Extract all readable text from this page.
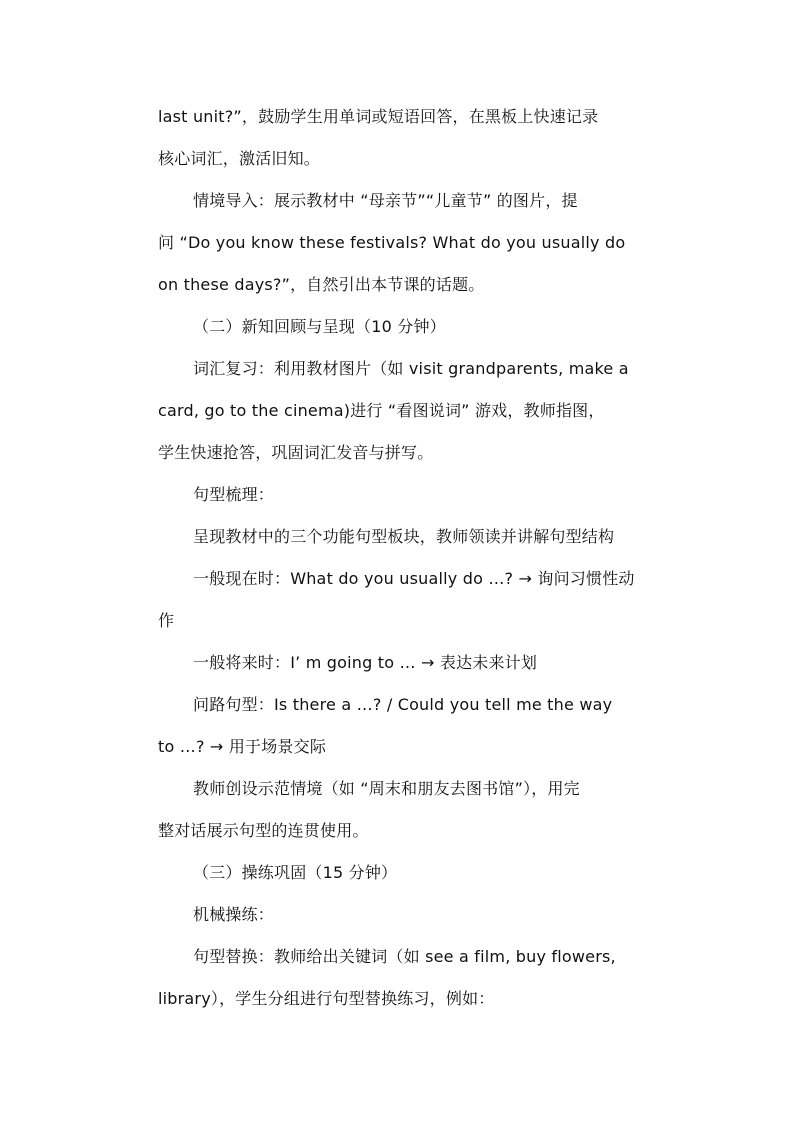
last unit?”，鼓励学生用单词或短语回答，在黑板上快速记录
核心词汇，激活旧知。
情境导入：展示教材中 “母亲节”“儿童节” 的图片，提
问 “Do you know these festivals? What do you usually do
on these days?”，自然引出本节课的话题。
（二）新知回顾与呈现（10 分钟）
词汇复习：利用教材图片（如 visit grandparents, make a
card, go to the cinema)进行 “看图说词” 游戏，教师指图，
学生快速抢答，巩固词汇发音与拼写。
句型梳理：
呈现教材中的三个功能句型板块，教师领读并讲解句型结构
一般现在时：What do you usually do …? → 询问习惯性动
作
一般将来时：I’ m going to … → 表达未来计划
问路句型：Is there a …? / Could you tell me the way
to …? → 用于场景交际
教师创设示范情境（如 “周末和朋友去图书馆”），用完
整对话展示句型的连贯使用。
（三）操练巩固（15 分钟）
机械操练：
句型替换：教师给出关键词（如 see a film, buy flowers,
library），学生分组进行句型替换练习，例如：
